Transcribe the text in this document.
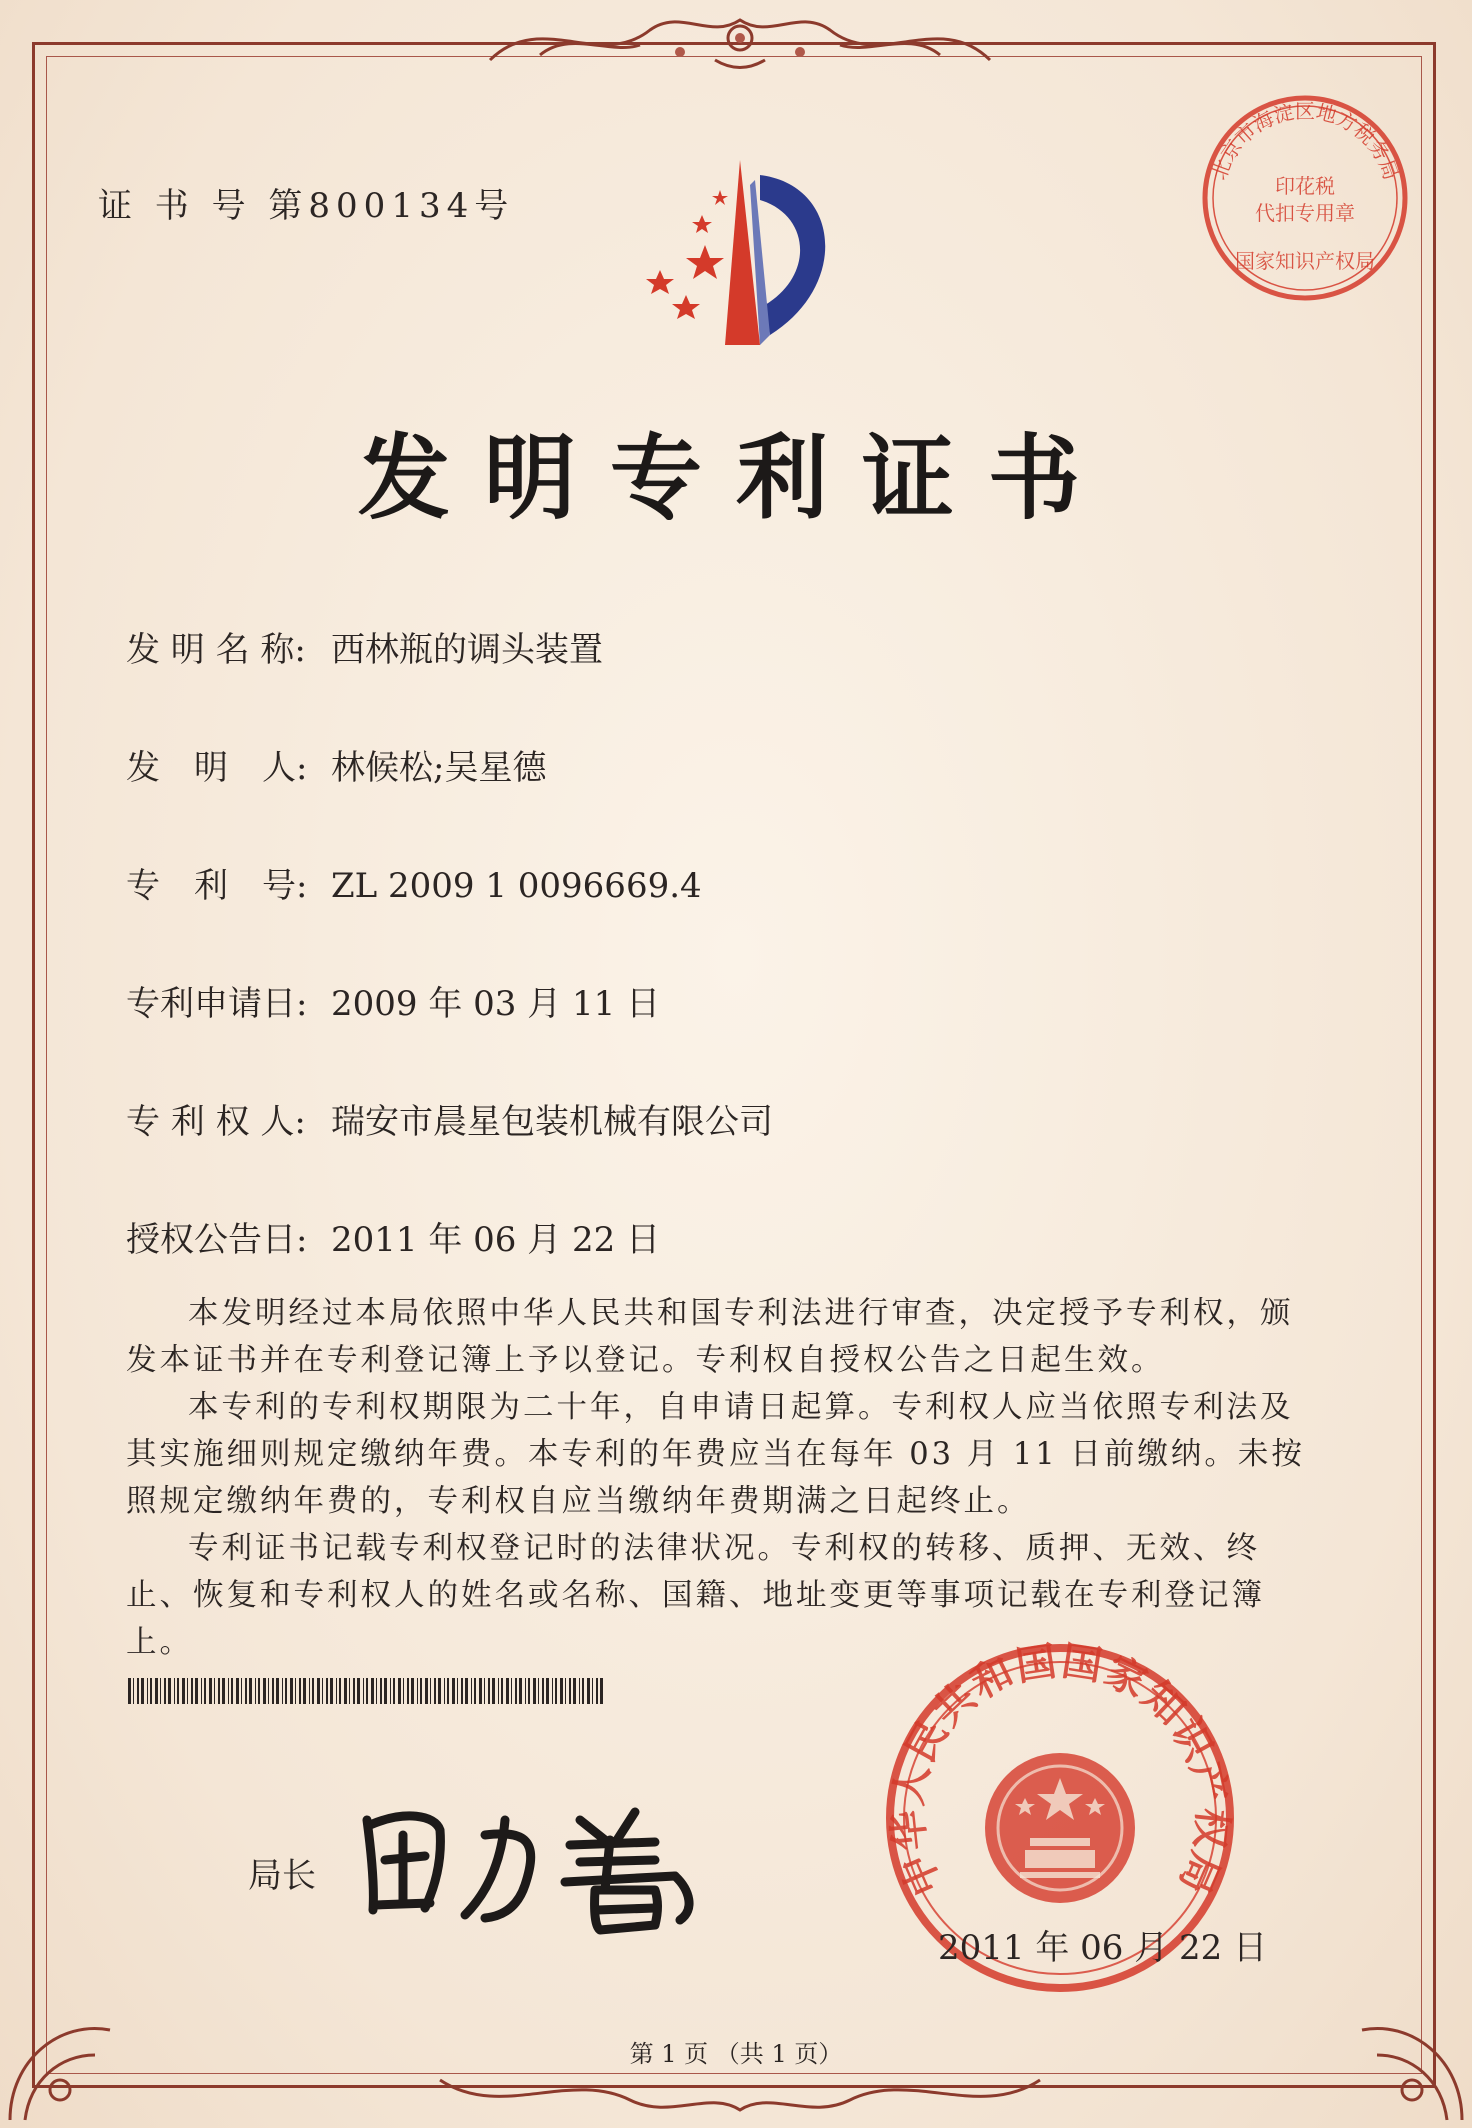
证 书 号 第800134号
北京市海淀区地方税务局
印花税
代扣专用章
国家知识产权局
发明专利证书
发 明 名 称: 西林瓶的调头装置
发　明　人: 林候松;吴星德
专　利　号: ZL 2009 1 0096669.4
专利申请日: 2009 年 03 月 11 日
专 利 权 人: 瑞安市晨星包装机械有限公司
授权公告日: 2011 年 06 月 22 日

本发明经过本局依照中华人民共和国专利法进行审查，决定授予专利权，颁发本证书并在专利登记簿上予以登记。专利权自授权公告之日起生效。

本专利的专利权期限为二十年，自申请日起算。专利权人应当依照专利法及其实施细则规定缴纳年费。本专利的年费应当在每年 03 月 11 日前缴纳。未按照规定缴纳年费的，专利权自应当缴纳年费期满之日起终止。

专利证书记载专利权登记时的法律状况。专利权的转移、质押、无效、终止、恢复和专利权人的姓名或名称、国籍、地址变更等事项记载在专利登记簿上。

局长	中华人民共和国国家知识产权局
2011 年 06 月 22 日
第 1 页 （共 1 页）
